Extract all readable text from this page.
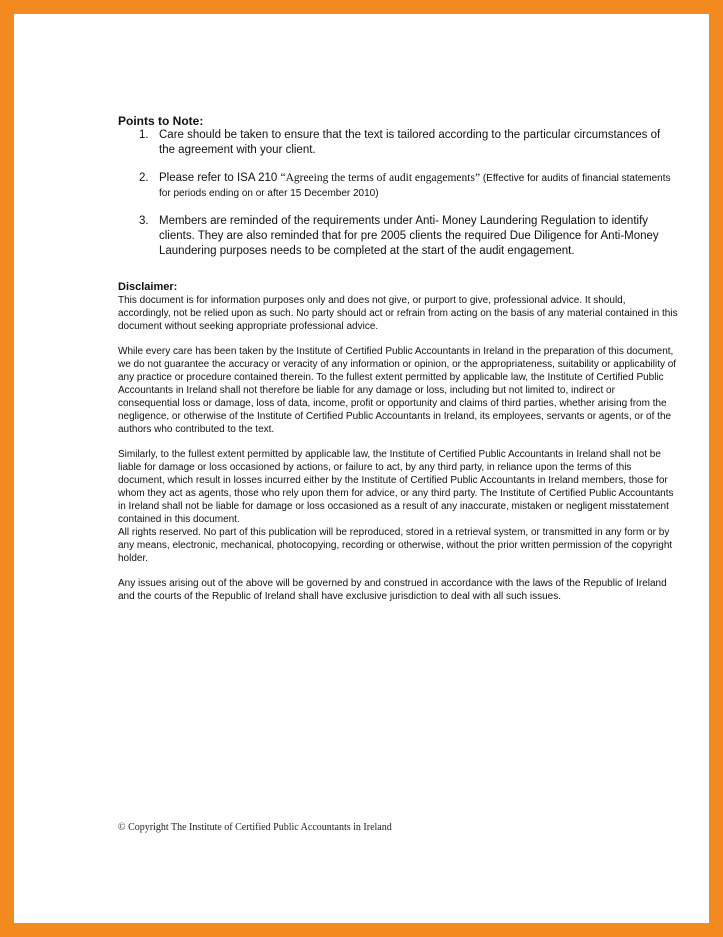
Points to Note:

1. Care should be taken to ensure that the text is tailored according to the particular circumstances of the agreement with your client.
2. Please refer to ISA 210 “Agreeing the terms of audit engagements” (Effective for audits of financial statements for periods ending on or after 15 December 2010)
3. Members are reminded of the requirements under Anti- Money Laundering Regulation to identify clients. They are also reminded that for pre 2005 clients the required Due Diligence for Anti-Money Laundering purposes needs to be completed at the start of the audit engagement.

Disclaimer:

This document is for information purposes only and does not give, or purport to give, professional advice. It should, accordingly, not be relied upon as such. No party should act or refrain from acting on the basis of any material contained in this document without seeking appropriate professional advice.

While every care has been taken by the Institute of Certified Public Accountants in Ireland in the preparation of this document, we do not guarantee the accuracy or veracity of any information or opinion, or the appropriateness, suitability or applicability of any practice or procedure contained therein. To the fullest extent permitted by applicable law, the Institute of Certified Public Accountants in Ireland shall not therefore be liable for any damage or loss, including but not limited to, indirect or consequential loss or damage, loss of data, income, profit or opportunity and claims of third parties, whether arising from the negligence, or otherwise of the Institute of Certified Public Accountants in Ireland, its employees, servants or agents, or of the authors who contributed to the text.

Similarly, to the fullest extent permitted by applicable law, the Institute of Certified Public Accountants in Ireland shall not be liable for damage or loss occasioned by actions, or failure to act, by any third party, in reliance upon the terms of this document, which result in losses incurred either by the Institute of Certified Public Accountants in Ireland members, those for whom they act as agents, those who rely upon them for advice, or any third party. The Institute of Certified Public Accountants in Ireland shall not be liable for damage or loss occasioned as a result of any inaccurate, mistaken or negligent misstatement contained in this document.

All rights reserved. No part of this publication will be reproduced, stored in a retrieval system, or transmitted in any form or by any means, electronic, mechanical, photocopying, recording or otherwise, without the prior written permission of the copyright holder.

Any issues arising out of the above will be governed by and construed in accordance with the laws of the Republic of Ireland and the courts of the Republic of Ireland shall have exclusive jurisdiction to deal with all such issues.

© Copyright The Institute of Certified Public Accountants in Ireland
